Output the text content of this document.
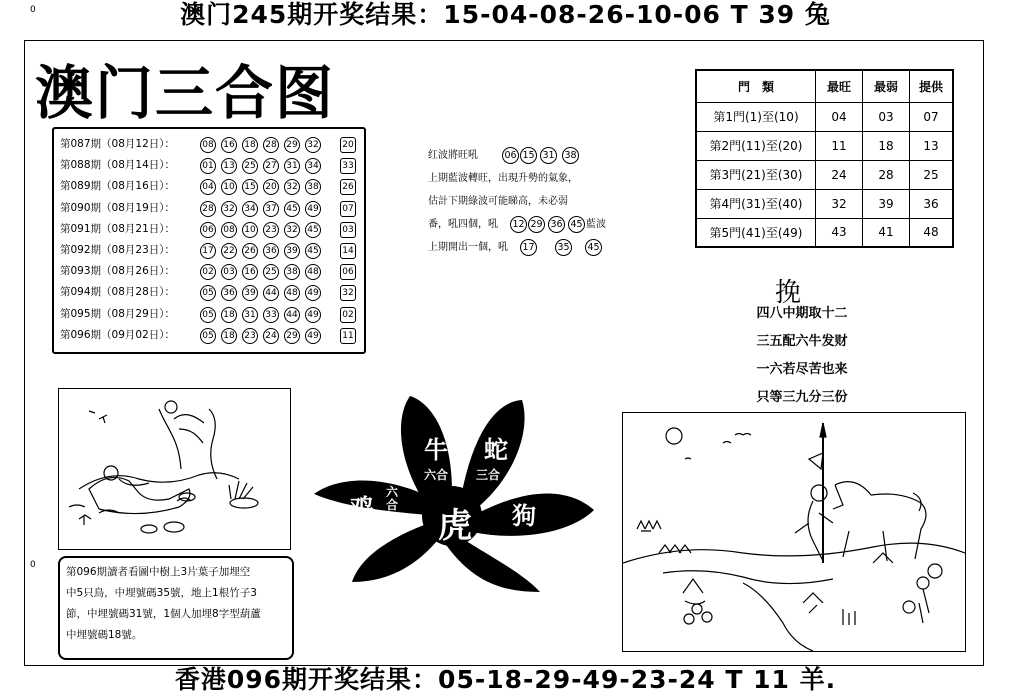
澳门245期开奖结果：15-04-08-26-10-06 T 39 兔
0
0
澳门三合图
第087期（08月12日）：	08 16 18 28 29 32	20
第088期（08月14日）：	01 13 25 27 31 34	33
第089期（08月16日）：	04 10 15 20 32 38	26
第090期（08月19日）：	28 32 34 37 45 49	07
第091期（08月21日）：	06 08 10 23 32 45	03
第092期（08月23日）：	17 22 26 36 39 45	14
第093期（08月26日）：	02 03 16 25 38 48	06
第094期（08月28日）：	05 36 39 44 48 49	32
第095期（08月29日）：	05 18 31 33 44 49	02
第096期（09月02日）：	05 18 23 24 29 49	11
红波將旺吼	06 15 31 38
上期藍波轉旺，出現升勢的氣象，
估計下期綠波可能睇高，未必弱
番，吼四個，吼 12 29 36 45 藍波
上期開出一個，吼 17 35 45
門　類	最旺	最弱	提供
第1門(1)至(10)	04	03	07
第2門(11)至(20)	11	18	13
第3門(21)至(30)	24	28	25
第4門(31)至(40)	32	39	36
第5門(41)至(49)	43	41	48
挽
四八中期取十二
三五配六牛发财
一六若尽苦也来
只等三九分三份
第096期讀者看圖中樹上3片葉子加埋空
中5只鳥，中埋號碼35號，地上1根竹子3
節，中埋號碼31號，1個人加埋8字型葫蘆
中埋號碼18號。
牛 蛇
六合 三合
鸡
六合
虎 狗
香港096期开奖结果：05-18-29-49-23-24 T 11 羊.
